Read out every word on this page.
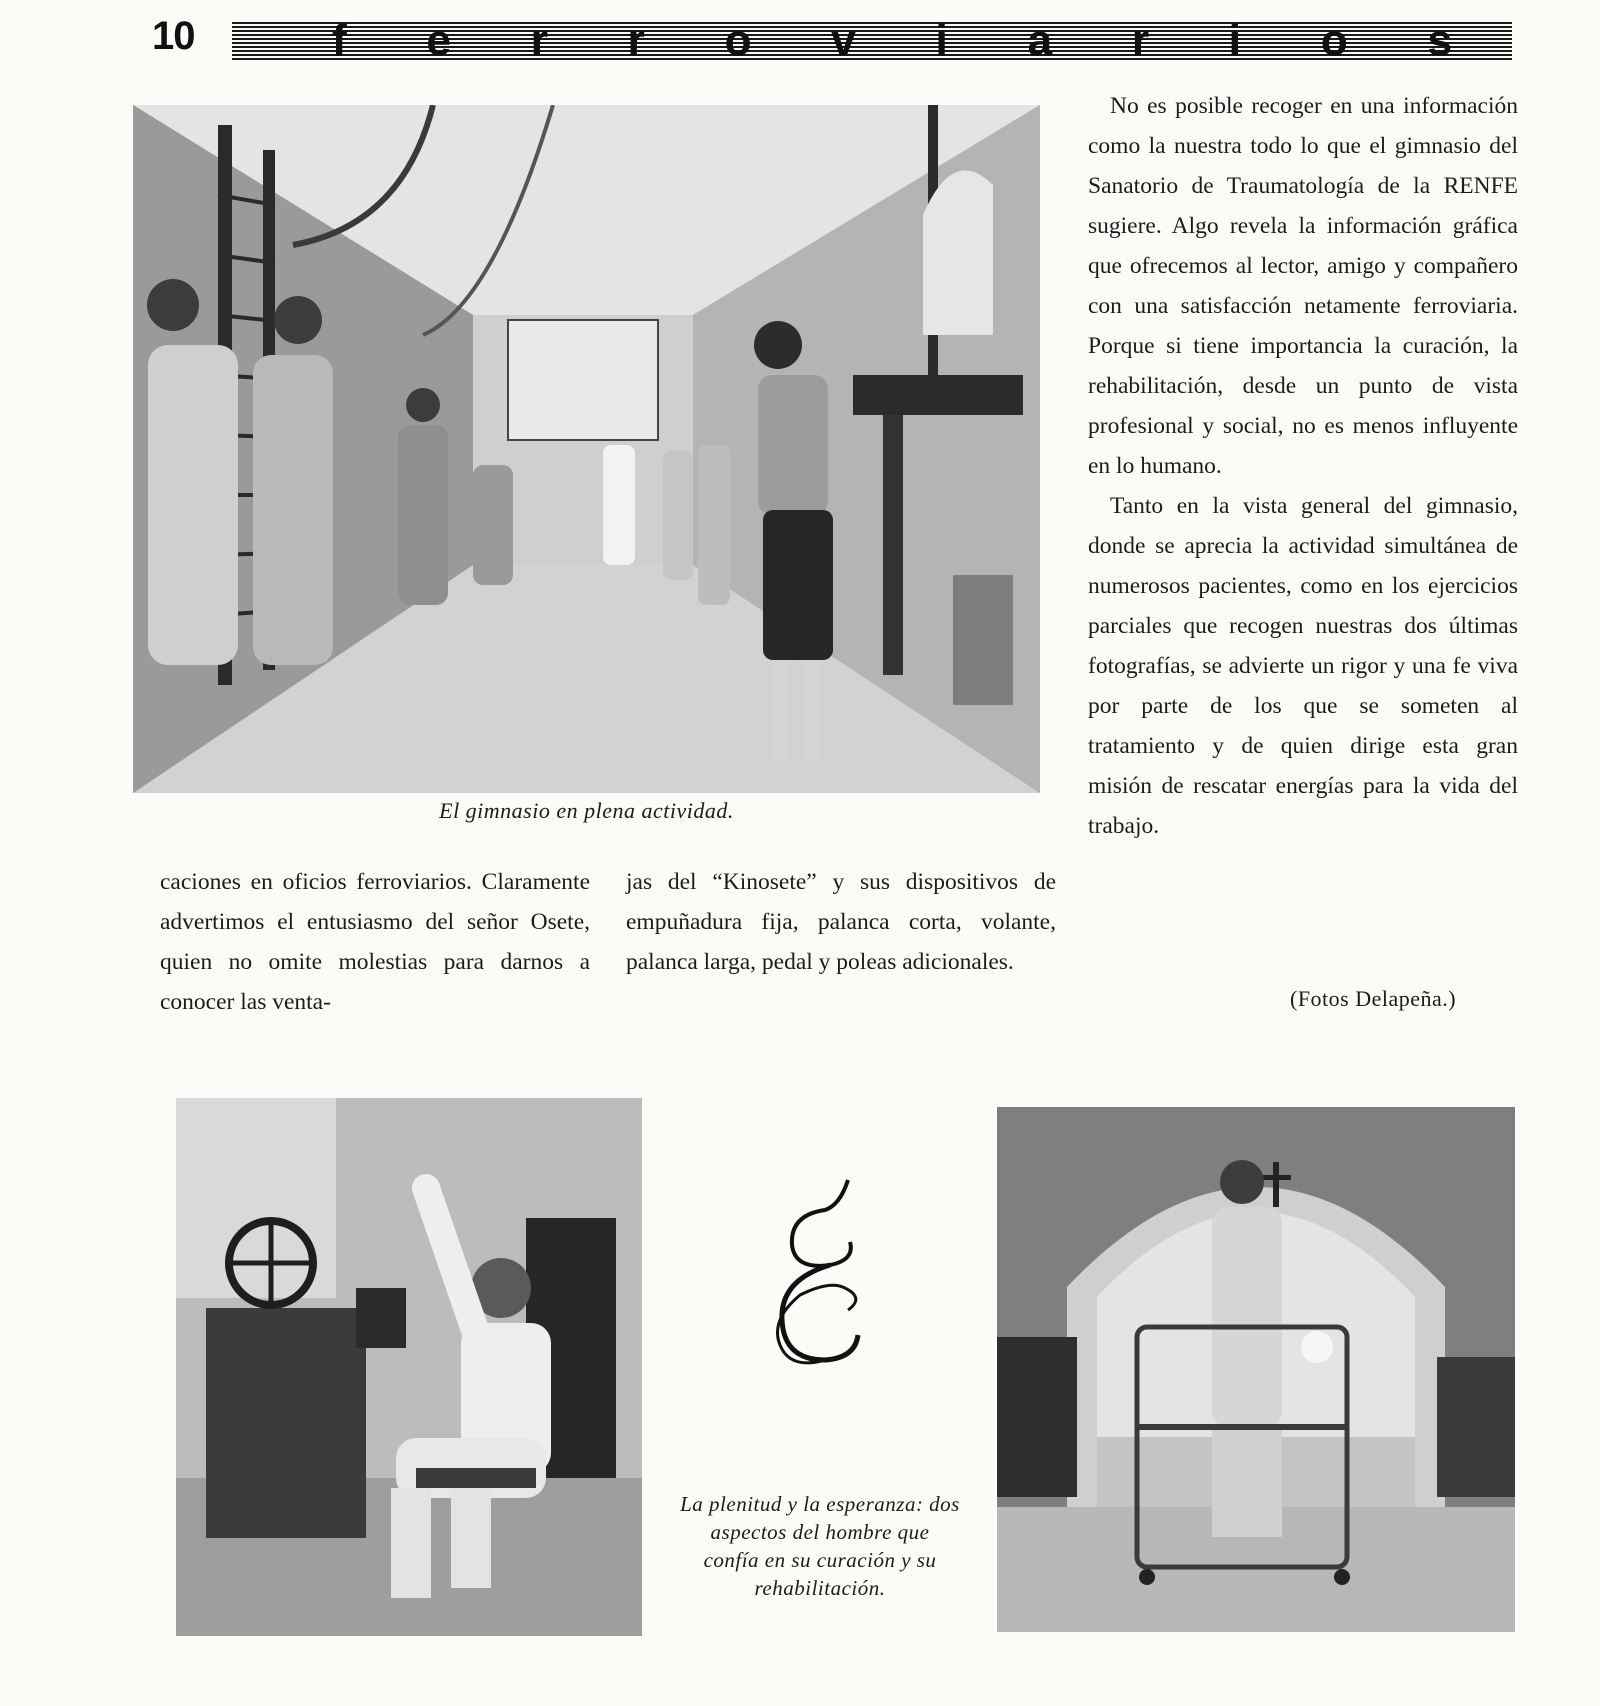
10	f e r r o v i a r i o s
El gimnasio en plena actividad.

No es posible recoger en una información como la nuestra todo lo que el gimnasio del Sanatorio de Traumatología de la RENFE sugiere. Algo revela la información gráfica que ofrecemos al lector, amigo y compañero con una satisfacción netamente ferroviaria. Porque si tiene importancia la curación, la rehabilitación, desde un punto de vista profesional y social, no es menos influyente en lo humano.

Tanto en la vista general del gimnasio, donde se aprecia la actividad simultánea de numerosos pacientes, como en los ejercicios parciales que recogen nuestras dos últimas fotografías, se advierte un rigor y una fe viva por parte de los que se someten al tratamiento y de quien dirige esta gran misión de rescatar energías para la vida del trabajo.

(Fotos Delapeña.)

caciones en oficios ferroviarios. Claramente advertimos el entusiasmo del señor Osete, quien no omite molestias para darnos a conocer las venta-

jas del “Kinosete” y sus dispositivos de empuñadura fija, palanca corta, volante, palanca larga, pedal y poleas adicionales.

La plenitud y la esperanza: dos aspectos del hombre que confía en su curación y su rehabilitación.
